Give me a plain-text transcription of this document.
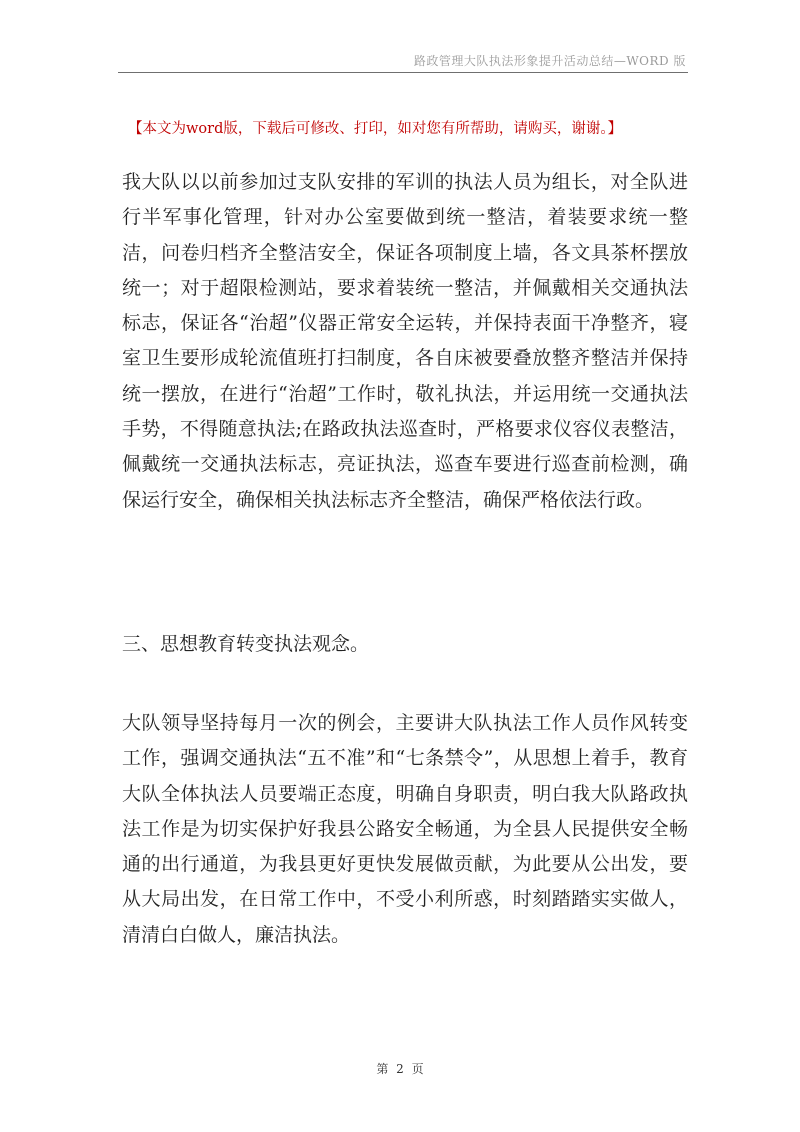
路政管理大队执法形象提升活动总结—WORD 版
【本文为word版，下载后可修改、打印，如对您有所帮助，请购买，谢谢。】

我大队以以前参加过支队安排的军训的执法人员为组长，对全队进行半军事化管理，针对办公室要做到统一整洁，着装要求统一整洁，问卷归档齐全整洁安全，保证各项制度上墙，各文具茶杯摆放统一；对于超限检测站，要求着装统一整洁，并佩戴相关交通执法标志，保证各“治超”仪器正常安全运转，并保持表面干净整齐，寝室卫生要形成轮流值班打扫制度，各自床被要叠放整齐整洁并保持统一摆放，在进行“治超”工作时，敬礼执法，并运用统一交通执法手势，不得随意执法;在路政执法巡查时，严格要求仪容仪表整洁，佩戴统一交通执法标志，亮证执法，巡查车要进行巡查前检测，确保运行安全，确保相关执法标志齐全整洁，确保严格依法行政。

三、思想教育转变执法观念。

大队领导坚持每月一次的例会，主要讲大队执法工作人员作风转变工作，强调交通执法“五不准”和“七条禁令”，从思想上着手，教育大队全体执法人员要端正态度，明确自身职责，明白我大队路政执法工作是为切实保护好我县公路安全畅通，为全县人民提供安全畅通的出行通道，为我县更好更快发展做贡献，为此要从公出发，要从大局出发，在日常工作中，不受小利所惑，时刻踏踏实实做人，清清白白做人，廉洁执法。

第 2 页
